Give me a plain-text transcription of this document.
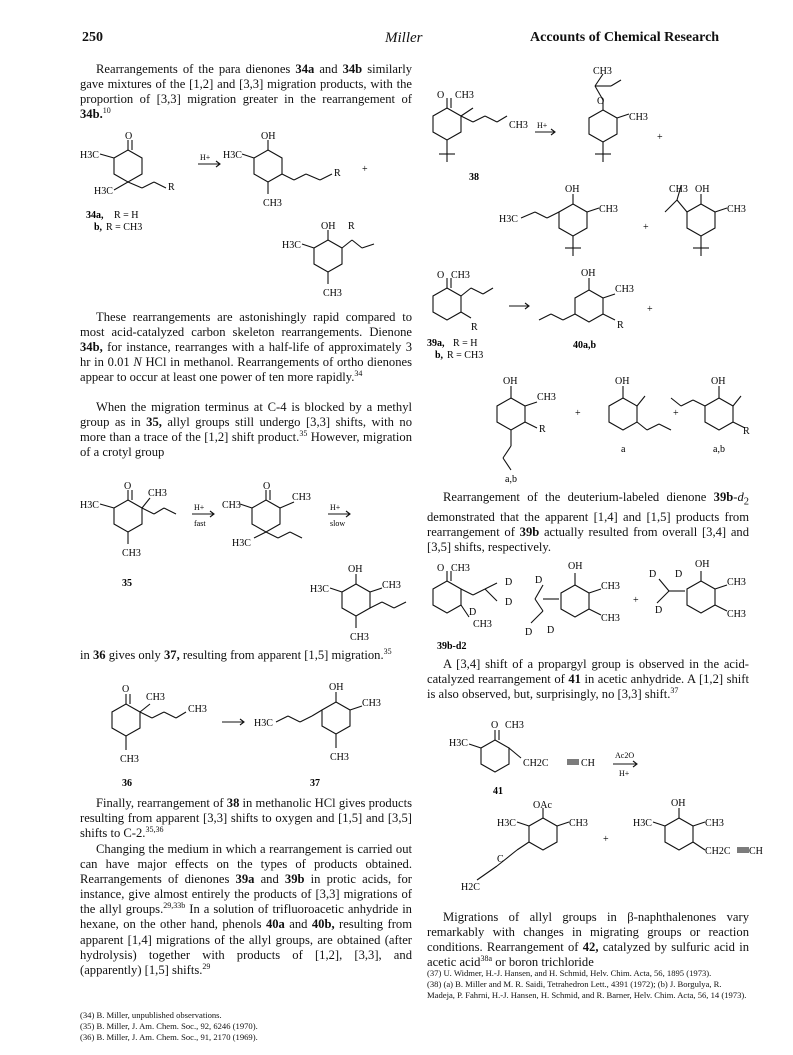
250	Miller	Accounts of Chemical Research

Rearrangements of the para dienones 34a and 34b similarly gave mixtures of the [1,2] and [3,3] migration products, with the proportion of [3,3] migration greater in the rearrangement of 34b.$^{10}$

These rearrangements are astonishingly rapid compared to most acid-catalyzed carbon skeleton rearrangements. Dienone 34b, for instance, rearranges with a half-life of approximately 3 hr in 0.01 N HCl in methanol. Rearrangements of ortho dienones appear to occur at least one power of ten more rapidly.$^{34}$

When the migration terminus at C-4 is blocked by a methyl group as in 35, allyl groups still undergo [3,3] shifts, with no more than a trace of the [1,2] shift product.$^{35}$ However, migration of a crotyl group

in 36 gives only 37, resulting from apparent [1,5] migration.$^{35}$

Finally, rearrangement of 38 in methanolic HCl gives products resulting from apparent [3,3] shifts to oxygen and [1,5] and [3,5] shifts to C-2.$^{35,36}$

Changing the medium in which a rearrangement is carried out can have major effects on the types of products obtained. Rearrangements of dienones 39a and 39b in protic acids, for instance, give almost entirely the products of [3,3] migrations of the allyl groups.$^{29,33b}$ In a solution of trifluoroacetic anhydride in hexane, on the other hand, phenols 40a and 40b, resulting from apparent [1,4] migrations of the allyl groups, are obtained (after hydrolysis) together with products of [1,2], [3,3], and (apparently) [1,5] shifts.$^{29}$

(34) B. Miller, unpublished observations.
(35) B. Miller, J. Am. Chem. Soc., 92, 6246 (1970).
(36) B. Miller, J. Am. Chem. Soc., 91, 2170 (1969).

Rearrangement of the deuterium-labeled dienone $39b-d_2$ demonstrated that the apparent [1,4] and [1,5] products from rearrangement of 39b actually resulted from overall [3,4] and [3,5] shifts, respectively.

A [3,4] shift of a propargyl group is observed in the acid-catalyzed rearrangement of 41 in acetic anhydride. A [1,2] shift is also observed, but, surprisingly, no [3,3] shift.$^{37}$

Migrations of allyl groups in β-naphthalenones vary remarkably with changes in migrating groups or reaction conditions. Rearrangement of 42, catalyzed by sulfuric acid in acetic acid$^{38a}$ or boron trichloride

(37) U. Widmer, H.-J. Hansen, and H. Schmid, Helv. Chim. Acta, 56, 1895 (1973).
(38) (a) B. Miller and M. R. Saidi, Tetrahedron Lett., 4391 (1972); (b) J. Borgulya, R. Madeja, P. Fahrni, H.-J. Hansen, H. Schmid, and R. Barner, Helv. Chim. Acta, 56, 14 (1973).
O
H3C
H3C	R
H+
OH
H3C
CH3
R +
OH R
H3C
CH3
34a, R = H
b, R = CH3
O
H3C
CH3
CH3
35
H+
fast
O
CH3
CH3
H3C
H+
slow
OH
H3C	CH3
CH3
O
CH3
CH3
CH3
36
H3C
OH
CH3
CH3
37
O CH3
CH3 H+
O
CH3
CH3
+
38
OH
H3C
CH3
+
CH3 OH
CH3
O CH3
R
39a, R = H
b, R = CH3
OH
CH3
R
+
40a,b
OH
CH3
R
a,b
+
OH
a
+
OH
R
a,b
O CH3
D
D
D
CH3
39b-d2
D
D D
OH
CH3
CH3
+
D D
D
OH
CH3
CH3
O CH3
H3C
CH2C	CH
Ac2O
H+
41
OAc
H3C	CH3
C
H2C
+
OH
H3C	CH3
CH2C CH
